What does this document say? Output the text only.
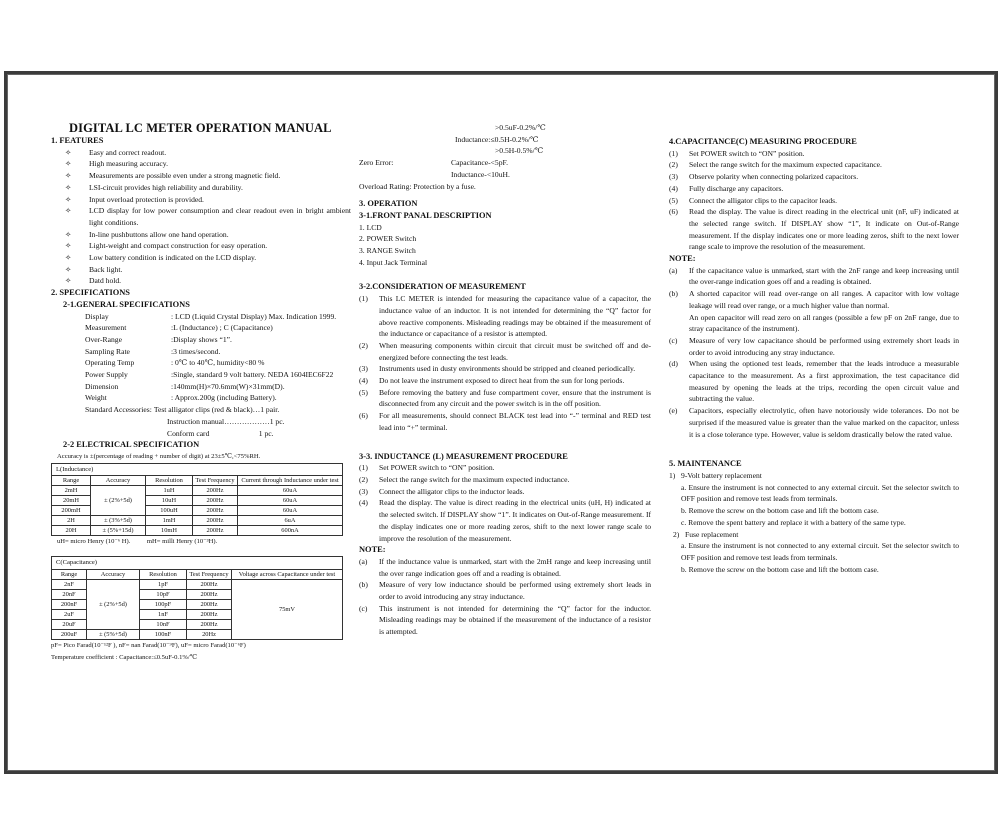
DIGITAL LC METER OPERATION MANUAL
1. FEATURES
✧	Easy and correct readout.
✧	High measuring accuracy.
✧	Measurements are possible even under a strong magnetic field.
✧	LSI-circuit provides high reliability and durability.
✧	Input overload protection is provided.
✧	LCD display for low power consumption and clear readout even in bright ambient light conditions.
✧	In-line pushbuttons allow one hand operation.
✧	Light-weight and compact construction for easy operation.
✧	Low battery condition is indicated on the LCD display.
✧	Back light.
✧	Datd hold.
2. SPECIFICATIONS
2-1.GENERAL SPECIFICATIONS
Display	: LCD (Liquid Crystal Display) Max. Indication 1999.
Measurement	:L (Inductance) ; C (Capacitance)
Over-Range	:Display shows “1”.
Sampling Rate	:3 times/second.
Operating Temp	: 0℃ to 40℃, humidity<80 %
Power Supply	:Single, standard 9 volt battery. NEDA 1604IEC6F22
Dimension	:140mm(H)×70.6mm(W)×31mm(D).
Weight	: Approx.200g (including Battery).
Standard Accessories: Test alligator clips (red & black)…1 pair.
Instruction manual………………1 pc.
Conform card                          1 pc.
2-2 ELECTRICAL SPECIFICATION
Accuracy is ±(percentage of reading + number of digit) at 23±5℃,<75%RH.
L(Inductance)
Range	Accuracy	Resolution	Test Frequency	Current through Inductance under test
2mH	± (2%+5d)	1uH	200Hz	60uA
20mH		10uH	200Hz	60uA
200mH		100uH	200Hz	60uA
2H	± (3%+5d)	1mH	200Hz	6uA
20H	± (5%+15d)	10mH	200Hz	600nA
uH= micro Henry (10⁻⁶ H).          mH= milli Henry (10⁻³H).
C(Capacitance)
Range	Accuracy	Resolution	Test Frequency	Voltage across Capacitance under test
2nF	± (2%+5d)	1pF	200Hz	75mV
20nF		10pF	200Hz	
200nF		100pF	200Hz	
2uF		1nF	200Hz	
20uF		10nF	200Hz	
200uF	± (5%+5d)	100nF	20Hz	
pF= Pico Farad(10⁻¹²F ), nF= nan Farad(10⁻⁹F), uF= micro Farad(10⁻⁶F)
Temperature coefficient : Capacitance:≤0.5uF-0.1%/℃
>0.5uF-0.2%/℃
Inductance:≤0.5H-0.2%/℃
>0.5H-0.5%/℃
Zero Error:	Capacitance-<5pF.
Inductance-<10uH.
Overload Rating: Protection by a fuse.
3. OPERATION
3-1.FRONT PANAL DESCRIPTION
1. LCD
2. POWER Switch
3. RANGE Switch
4. Input Jack Terminal
3-2.CONSIDERATION OF MEASUREMENT
(1)	This LC METER is intended for measuring the capacitance value of a capacitor, the inductance value of an inductor. It is not intended for determining the “Q” factor for above reactive components. Misleading readings may be obtained if the measurement of the inductance or capacitance of a resistor is attempted.
(2)	When measuring components within circuit that circuit must be switched off and de-energized before connecting the test leads.
(3)	Instruments used in dusty environments should be stripped and cleaned periodically.
(4)	Do not leave the instrument exposed to direct heat from the sun for long periods.
(5)	Before removing the battery and fuse compartment cover, ensure that the instrument is disconnected from any circuit and the power switch is in the off position.
(6)	For all measurements, should connect BLACK test lead into “-” terminal and RED test lead into “+” terminal.
3-3. INDUCTANCE (L) MEASUREMENT PROCEDURE
(1)	Set POWER switch to “ON” position.
(2)	Select the range switch for the maximum expected inductance.
(3)	Connect the alligator clips to the inductor leads.
(4)	Read the display. The value is direct reading in the electrical units (uH, H) indicated at the selected switch. If DISPLAY show “1”. It indicates on Out-of-Range measurement. If the display indicates one or more reading zeros, shift to the next lower range scale to improve the resolution of the measurement.
NOTE:
(a)	If the inductance value is unmarked, start with the 2mH range and keep increasing until the over range indication goes off and a reading is obtained.
(b)	Measure of very low inductance should be performed using extremely short leads in order to avoid introducing any stray inductance.
(c)	This instrument is not intended for determining the “Q” factor for the inductor. Misleading readings may be obtained if the measurement of the inductance of a resistor is attempted.
4.CAPACITANCE(C) MEASURING PROCEDURE
(1)	Set POWER switch to “ON” position.
(2)	Select the range switch for the maximum expected capacitance.
(3)	Observe polarity when connecting polarized capacitors.
(4)	Fully discharge any capacitors.
(5)	Connect the alligator clips to the capacitor leads.
(6)	Read the display. The value is direct reading in the electrical unit (nF, uF) indicated at the selected range switch. If DISPLAY show “1”, It indicate on Out-of-Range measurement. If the display indicates one or more leading zeros, shift to the next lower range scale to improve the resolution of the measurement.
NOTE:
(a)	If the capacitance value is unmarked, start with the 2nF range and keep increasing until the over-range indication goes off and a reading is obtained.
(b)	A shorted capacitor will read over-range on all ranges. A capacitor with low voltage leakage will read over range, or a much higher value than normal.
An open capacitor will read zero on all ranges (possible a few pF on 2nF range, due to stray capacitance of the instrument).
(c)	Measure of very low capacitance should be performed using extremely short leads in order to avoid introducing any stray inductance.
(d)	When using the optioned test leads, remember that the leads introduce a measurable capacitance to the measurement. As a first approximation, the test capacitance did measured by opening the leads at the trips, recording the open circuit value and subtracting the value.
(e)	Capacitors, especially electrolytic, often have notoriously wide tolerances. Do not be surprised if the measured value is greater than the value marked on the capacitor, unless it is a close tolerance type. However, value is seldom drastically below the rated value.
5. MAINTENANCE
1)   9-Volt battery replacement
a. Ensure the instrument is not connected to any external circuit. Set the selector switch to OFF position and remove test leads from terminals.
b. Remove the screw on the bottom case and lift the bottom case.
c. Remove the spent battery and replace it with a battery of the same type.
2)   Fuse replacement
a. Ensure the instrument is not connected to any external circuit. Set the selector switch to OFF position and remove test leads from terminals.
b. Remove the screw on the bottom case and lift the bottom case.
